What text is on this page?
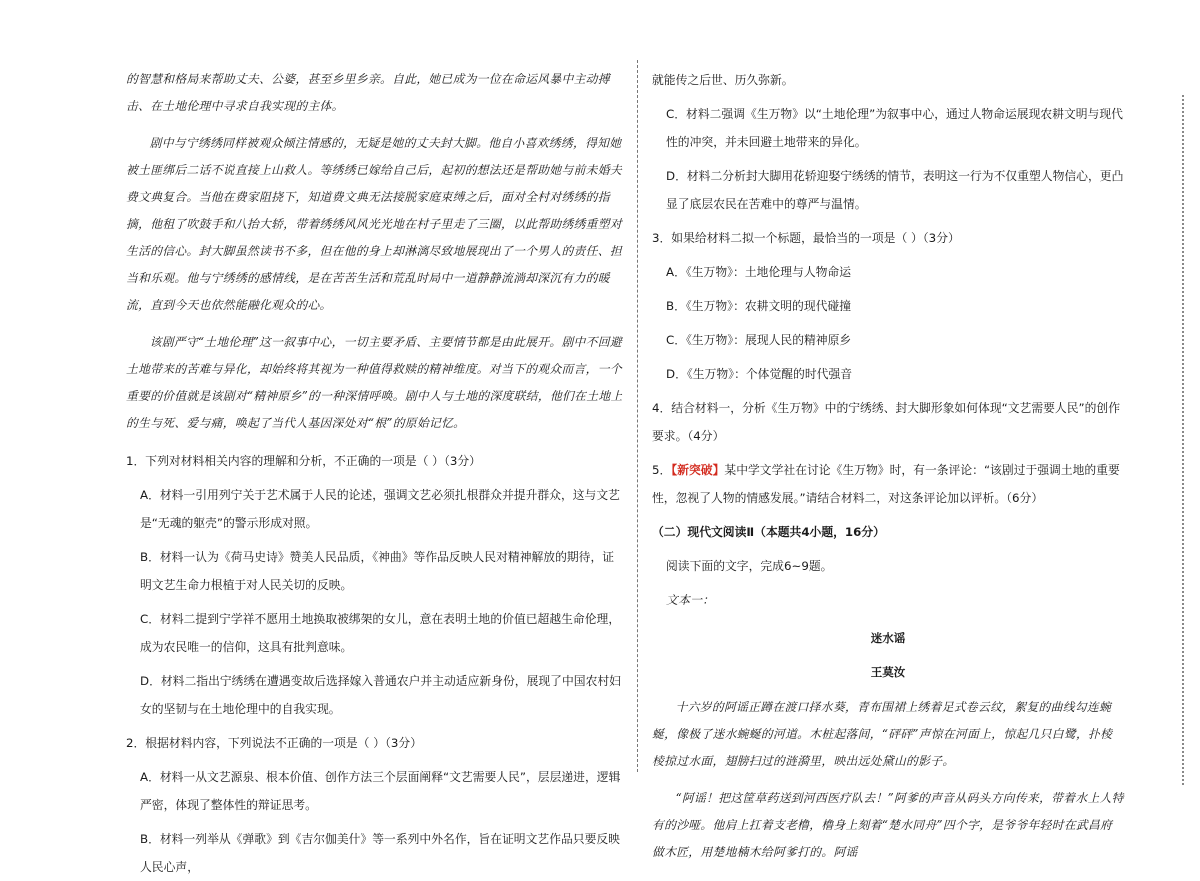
的智慧和格局来帮助丈夫、公婆，甚至乡里乡亲。自此，她已成为一位在命运风暴中主动搏击、在土地伦理中寻求自我实现的主体。

剧中与宁绣绣同样被观众倾注情感的，无疑是她的丈夫封大脚。他自小喜欢绣绣，得知她被土匪绑后二话不说直接上山救人。等绣绣已嫁给自己后，起初的想法还是帮助她与前未婚夫费文典复合。当他在费家阻挠下，知道费文典无法接脱家庭束缚之后，面对全村对绣绣的指摘，他租了吹鼓手和八抬大轿，带着绣绣风风光光地在村子里走了三圈，以此帮助绣绣重塑对生活的信心。封大脚虽然读书不多，但在他的身上却淋漓尽致地展现出了一个男人的责任、担当和乐观。他与宁绣绣的感情线，是在苦苦生活和荒乱时局中一道静静流淌却深沉有力的暖流，直到今天也依然能融化观众的心。

该剧严守“土地伦理”这一叙事中心，一切主要矛盾、主要情节都是由此展开。剧中不回避土地带来的苦难与异化，却始终将其视为一种值得救赎的精神维度。对当下的观众而言，一个重要的价值就是该剧对“精神原乡”的一种深情呼唤。剧中人与土地的深度联结，他们在土地上的生与死、爱与痛，唤起了当代人基因深处对“根”的原始记忆。

1．下列对材料相关内容的理解和分析，不正确的一项是（ ）（3分）

A．材料一引用列宁关于艺术属于人民的论述，强调文艺必须扎根群众并提升群众，这与文艺是“无魂的躯壳”的警示形成对照。

B．材料一认为《荷马史诗》赞美人民品质，《神曲》等作品反映人民对精神解放的期待，证明文艺生命力根植于对人民关切的反映。

C．材料二提到宁学祥不愿用土地换取被绑架的女儿，意在表明土地的价值已超越生命伦理，成为农民唯一的信仰，这具有批判意味。

D．材料二指出宁绣绣在遭遇变故后选择嫁入普通农户并主动适应新身份，展现了中国农村妇女的坚韧与在土地伦理中的自我实现。

2．根据材料内容，下列说法不正确的一项是（ ）（3分）

A．材料一从文艺源泉、根本价值、创作方法三个层面阐释“文艺需要人民”，层层递进，逻辑严密，体现了整体性的辩证思考。

B．材料一列举从《弹歌》到《吉尔伽美什》等一系列中外名作，旨在证明文艺作品只要反映人民心声，

就能传之后世、历久弥新。

C．材料二强调《生万物》以“土地伦理”为叙事中心，通过人物命运展现农耕文明与现代性的冲突，并未回避土地带来的异化。

D．材料二分析封大脚用花轿迎娶宁绣绣的情节，表明这一行为不仅重塑人物信心，更凸显了底层农民在苦难中的尊严与温情。

3．如果给材料二拟一个标题，最恰当的一项是（ ）（3分）

A．《生万物》：土地伦理与人物命运

B．《生万物》：农耕文明的现代碰撞

C．《生万物》：展现人民的精神原乡

D．《生万物》：个体觉醒的时代强音

4．结合材料一，分析《生万物》中的宁绣绣、封大脚形象如何体现“文艺需要人民”的创作要求。（4分）

5．【新突破】某中学文学社在讨论《生万物》时，有一条评论：“该剧过于强调土地的重要性，忽视了人物的情感发展。”请结合材料二，对这条评论加以评析。（6分）

（二）现代文阅读Ⅱ（本题共4小题，16分）

阅读下面的文字，完成6~9题。

文本一：

迷水谣

王莫汝

十六岁的阿谣正蹲在渡口择水葵，青布围裙上绣着足式卷云纹，絮复的曲线勾连蜿蜒，像极了迷水蜿蜒的河道。木桩起落间，“砰砰”声惊在河面上，惊起几只白鹭，扑棱棱掠过水面，翅膀扫过的涟漪里，映出远处黛山的影子。

“阿谣！把这筐草药送到河西医疗队去！”阿爹的声音从码头方向传来，带着水上人特有的沙哑。他肩上扛着支老橹，橹身上刻着“楚水同舟”四个字，是爷爷年轻时在武昌府做木匠，用楚地楠木给阿爹打的。阿谣
